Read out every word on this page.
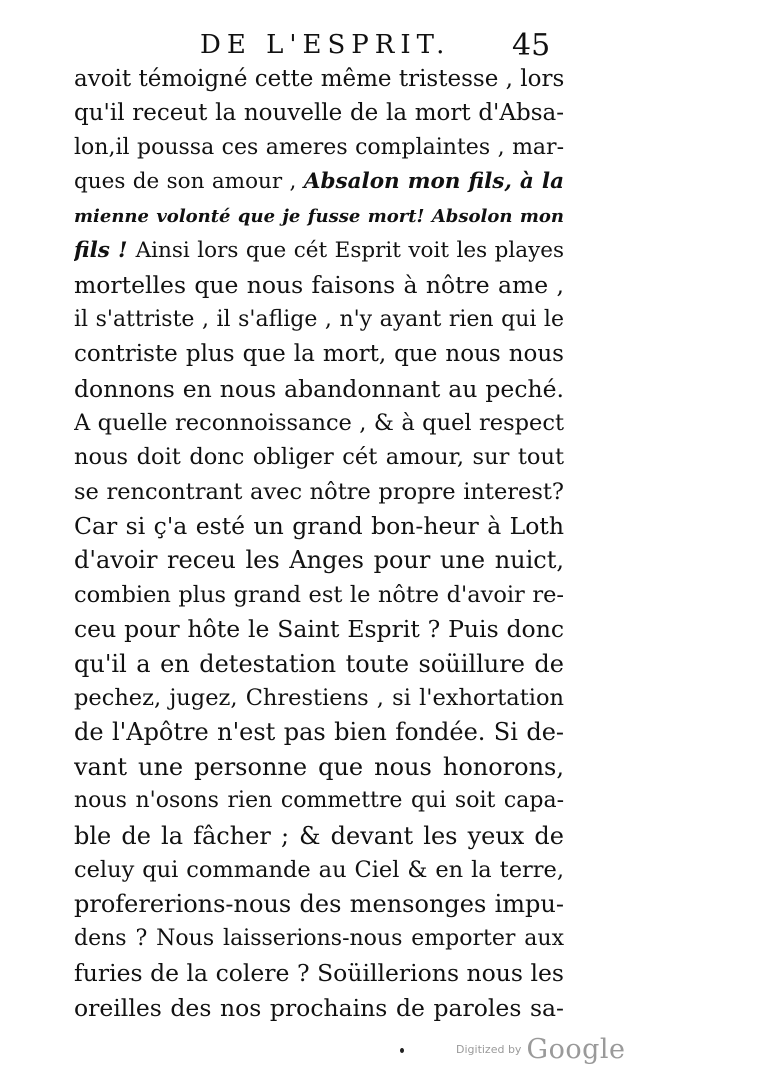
DE L'ESPRIT. 45
avoit témoigné cette même tristesse , lors
qu'il receut la nouvelle de la mort d'Absa-
lon,il poussa ces ameres complaintes , mar-
ques de son amour , Absalon mon fils, à la
mienne volonté que je fusse mort! Absolon mon
fils ! Ainsi lors que cét Esprit voit les playes
mortelles que nous faisons à nôtre ame ,
il s'attriste , il s'aflige , n'y ayant rien qui le
contriste plus que la mort, que nous nous
donnons en nous abandonnant au peché.
A quelle reconnoissance , & à quel respect
nous doit donc obliger cét amour, sur tout
se rencontrant avec nôtre propre interest?
Car si ç'a esté un grand bon-heur à Loth
d'avoir receu les Anges pour une nuict,
combien plus grand est le nôtre d'avoir re-
ceu pour hôte le Saint Esprit ? Puis donc
qu'il a en detestation toute soüillure de
pechez, jugez, Chrestiens , si l'exhortation
de l'Apôtre n'est pas bien fondée. Si de-
vant une personne que nous honorons,
nous n'osons rien commettre qui soit capa-
ble de la fâcher ; & devant les yeux de
celuy qui commande au Ciel & en la terre,
profererions-nous des mensonges impu-
dens ? Nous laisserions-nous emporter aux
furies de la colere ? Soüillerions nous les
oreilles des nos prochains de paroles sa-
Digitized by Google
